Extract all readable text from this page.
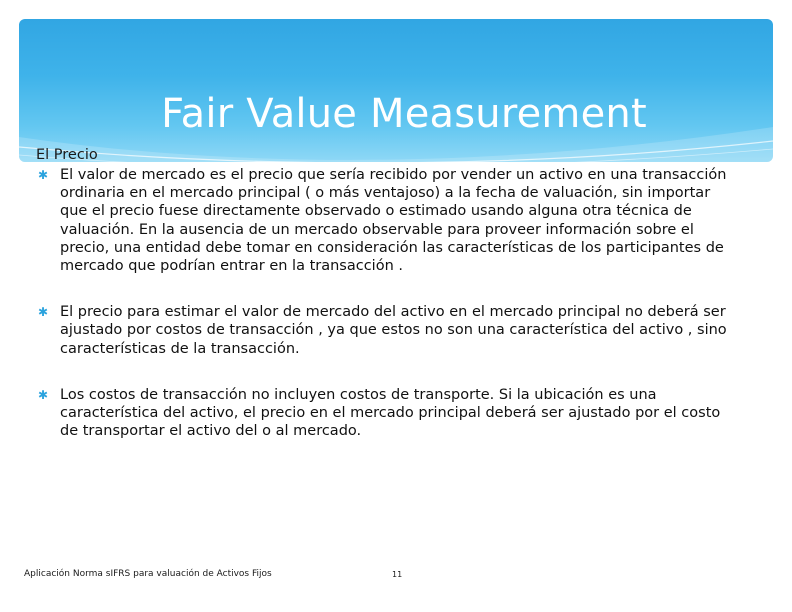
Fair Value Measurement

El Precio

✱ El valor de mercado es el precio que sería recibido por vender un activo en una transacción ordinaria en el mercado principal ( o más ventajoso) a la fecha de valuación, sin importar que el precio fuese directamente observado o estimado usando alguna otra técnica de valuación. En la ausencia de un mercado observable para proveer información sobre el precio, una entidad debe tomar en consideración las características de los participantes de mercado que podrían entrar en la transacción .

✱ El precio para estimar el valor de mercado del activo en el mercado principal no deberá ser ajustado por costos de transacción , ya que estos no son una característica del activo , sino características de la transacción.

✱ Los costos de transacción no incluyen costos de transporte. Si la ubicación es una característica del activo, el precio en el mercado principal deberá ser ajustado por el costo de transportar el activo del o al mercado.

Aplicación Norma sIFRS para valuación de Activos Fijos	11
